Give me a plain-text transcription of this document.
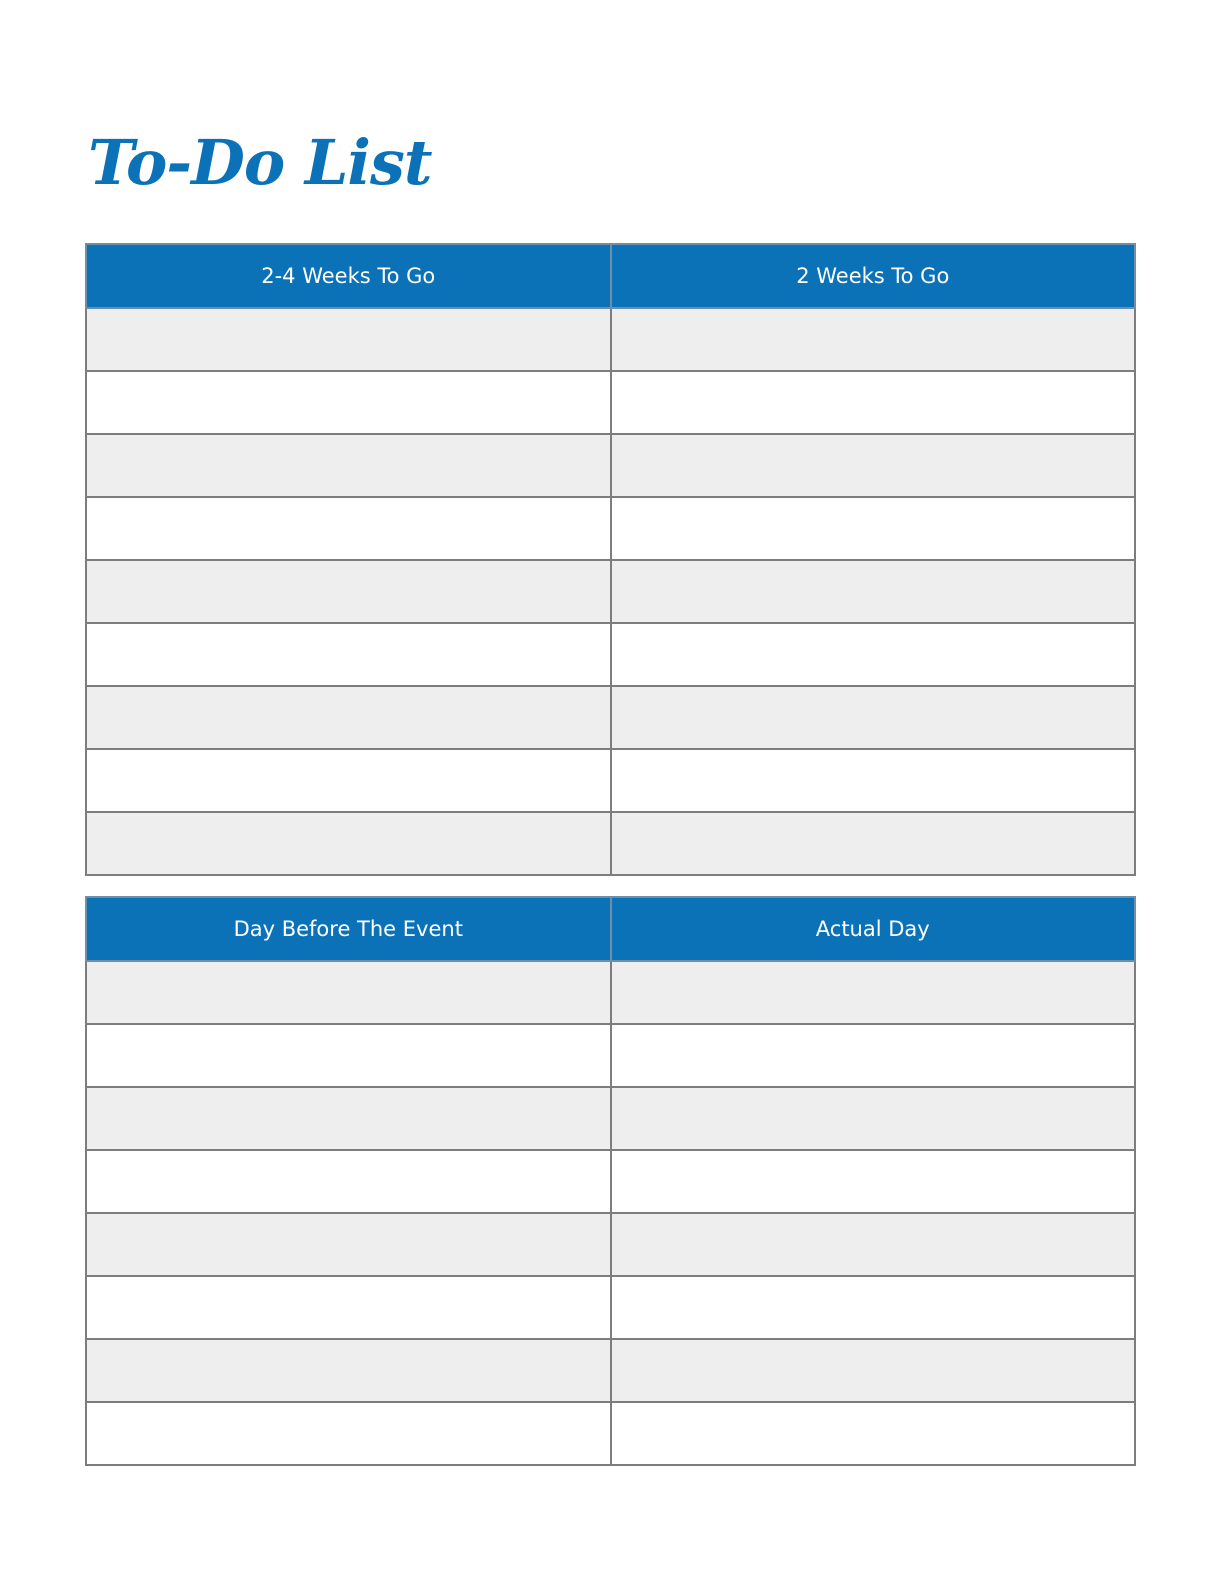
To-Do List
2-4 Weeks To Go	2 Weeks To Go

Day Before The Event	Actual Day
